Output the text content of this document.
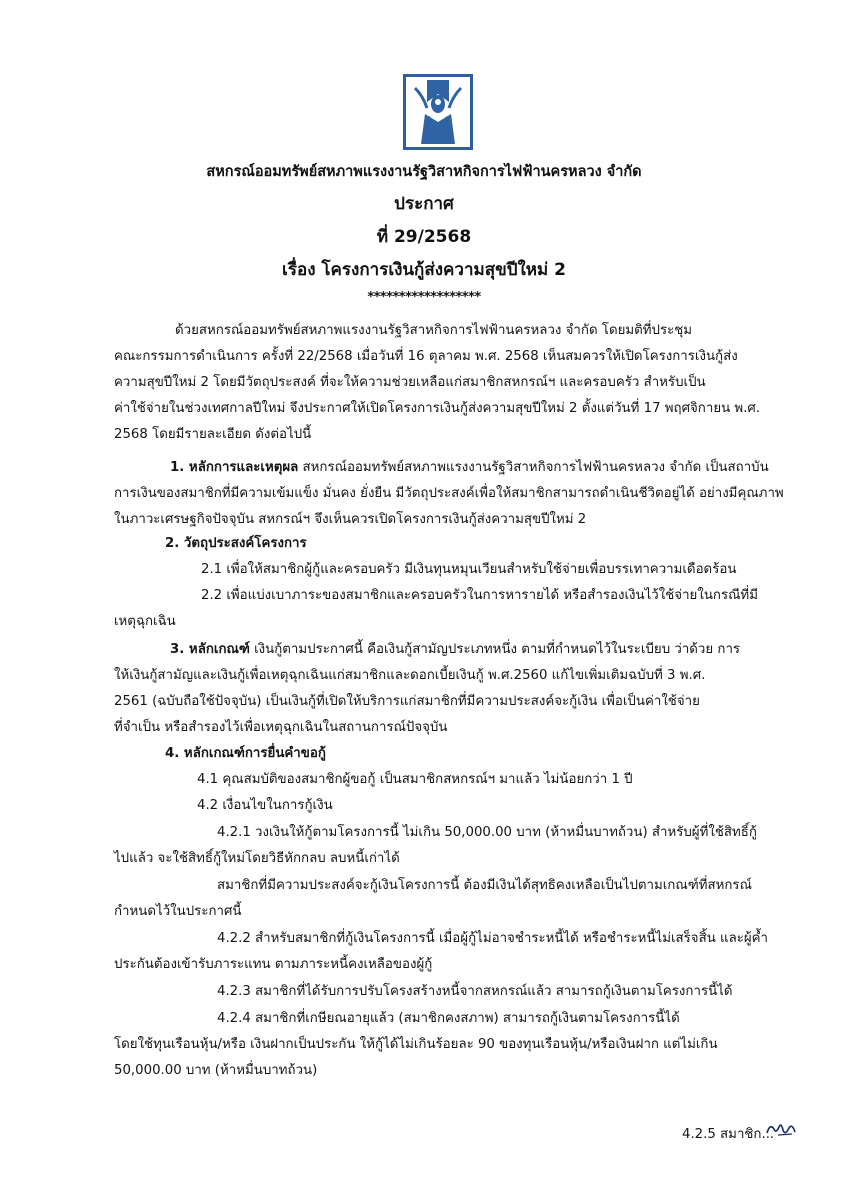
สหกรณ์ออมทรัพย์สหภาพแรงงานรัฐวิสาหกิจการไฟฟ้านครหลวง จำกัด
ประกาศ
ที่ 29/2568
เรื่อง โครงการเงินกู้ส่งความสุขปีใหม่ 2
******************
ด้วยสหกรณ์ออมทรัพย์สหภาพแรงงานรัฐวิสาหกิจการไฟฟ้านครหลวง จำกัด โดยมติที่ประชุม
คณะกรรมการดำเนินการ ครั้งที่ 22/2568 เมื่อวันที่ 16 ตุลาคม พ.ศ. 2568 เห็นสมควรให้เปิดโครงการเงินกู้ส่ง
ความสุขปีใหม่ 2 โดยมีวัตถุประสงค์ ที่จะให้ความช่วยเหลือแก่สมาชิกสหกรณ์ฯ และครอบครัว สำหรับเป็น
ค่าใช้จ่ายในช่วงเทศกาลปีใหม่ จึงประกาศให้เปิดโครงการเงินกู้ส่งความสุขปีใหม่ 2 ตั้งแต่วันที่ 17 พฤศจิกายน พ.ศ.
2568 โดยมีรายละเอียด ดังต่อไปนี้
1. หลักการและเหตุผล สหกรณ์ออมทรัพย์สหภาพแรงงานรัฐวิสาหกิจการไฟฟ้านครหลวง จำกัด เป็นสถาบัน
การเงินของสมาชิกที่มีความเข้มแข็ง มั่นคง ยั่งยืน มีวัตถุประสงค์เพื่อให้สมาชิกสามารถดำเนินชีวิตอยู่ได้ อย่างมีคุณภาพ
ในภาวะเศรษฐกิจปัจจุบัน สหกรณ์ฯ จึงเห็นควรเปิดโครงการเงินกู้ส่งความสุขปีใหม่ 2
2. วัตถุประสงค์โครงการ
2.1 เพื่อให้สมาชิกผู้กู้และครอบครัว มีเงินทุนหมุนเวียนสำหรับใช้จ่ายเพื่อบรรเทาความเดือดร้อน
2.2 เพื่อแบ่งเบาภาระของสมาชิกและครอบครัวในการหารายได้ หรือสำรองเงินไว้ใช้จ่ายในกรณีที่มี
เหตุฉุกเฉิน
3. หลักเกณฑ์ เงินกู้ตามประกาศนี้ คือเงินกู้สามัญประเภทหนึ่ง ตามที่กำหนดไว้ในระเบียบ ว่าด้วย การ
ให้เงินกู้สามัญและเงินกู้เพื่อเหตุฉุกเฉินแก่สมาชิกและดอกเบี้ยเงินกู้ พ.ศ.2560 แก้ไขเพิ่มเติมฉบับที่ 3 พ.ศ.
2561 (ฉบับถือใช้ปัจจุบัน) เป็นเงินกู้ที่เปิดให้บริการแก่สมาชิกที่มีความประสงค์จะกู้เงิน เพื่อเป็นค่าใช้จ่าย
ที่จำเป็น หรือสำรองไว้เพื่อเหตุฉุกเฉินในสถานการณ์ปัจจุบัน
4. หลักเกณฑ์การยื่นคำขอกู้
4.1 คุณสมบัติของสมาชิกผู้ขอกู้ เป็นสมาชิกสหกรณ์ฯ มาแล้ว ไม่น้อยกว่า 1 ปี
4.2 เงื่อนไขในการกู้เงิน
4.2.1 วงเงินให้กู้ตามโครงการนี้ ไม่เกิน 50,000.00 บาท (ห้าหมื่นบาทถ้วน) สำหรับผู้ที่ใช้สิทธิ์กู้
ไปแล้ว จะใช้สิทธิ์กู้ใหม่โดยวิธีหักกลบ ลบหนี้เก่าได้
สมาชิกที่มีความประสงค์จะกู้เงินโครงการนี้ ต้องมีเงินได้สุทธิคงเหลือเป็นไปตามเกณฑ์ที่สหกรณ์
กำหนดไว้ในประกาศนี้
4.2.2 สำหรับสมาชิกที่กู้เงินโครงการนี้ เมื่อผู้กู้ไม่อาจชำระหนี้ได้ หรือชำระหนี้ไม่เสร็จสิ้น และผู้ค้ำ
ประกันต้องเข้ารับภาระแทน ตามภาระหนี้คงเหลือของผู้กู้
4.2.3 สมาชิกที่ได้รับการปรับโครงสร้างหนี้จากสหกรณ์แล้ว สามารถกู้เงินตามโครงการนี้ได้
4.2.4 สมาชิกที่เกษียณอายุแล้ว (สมาชิกคงสภาพ) สามารถกู้เงินตามโครงการนี้ได้
โดยใช้ทุนเรือนหุ้น/หรือ เงินฝากเป็นประกัน ให้กู้ได้ไม่เกินร้อยละ 90 ของทุนเรือนหุ้น/หรือเงินฝาก แต่ไม่เกิน
50,000.00 บาท (ห้าหมื่นบาทถ้วน)
4.2.5 สมาชิก...
